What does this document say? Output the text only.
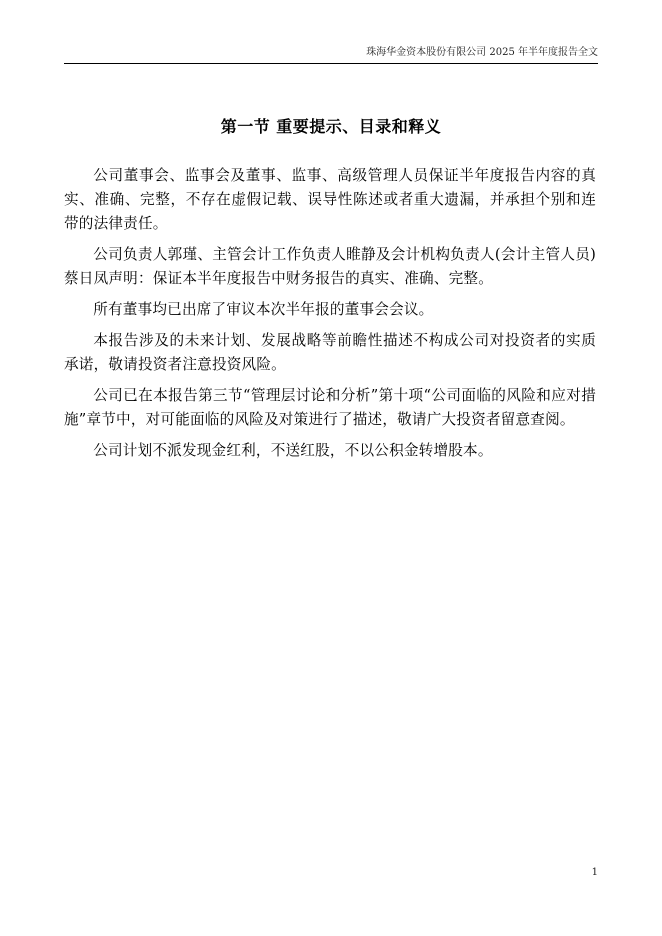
珠海华金资本股份有限公司 2025 年半年度报告全文
第一节 重要提示、目录和释义

公司董事会、监事会及董事、监事、高级管理人员保证半年度报告内容的真实、准确、完整，不存在虚假记载、误导性陈述或者重大遗漏，并承担个别和连带的法律责任。

公司负责人郭瑾、主管会计工作负责人睢静及会计机构负责人(会计主管人员)蔡日凤声明：保证本半年度报告中财务报告的真实、准确、完整。

所有董事均已出席了审议本次半年报的董事会会议。

本报告涉及的未来计划、发展战略等前瞻性描述不构成公司对投资者的实质承诺，敬请投资者注意投资风险。

公司已在本报告第三节“管理层讨论和分析”第十项“公司面临的风险和应对措施”章节中，对可能面临的风险及对策进行了描述，敬请广大投资者留意查阅。

公司计划不派发现金红利，不送红股，不以公积金转增股本。

1
